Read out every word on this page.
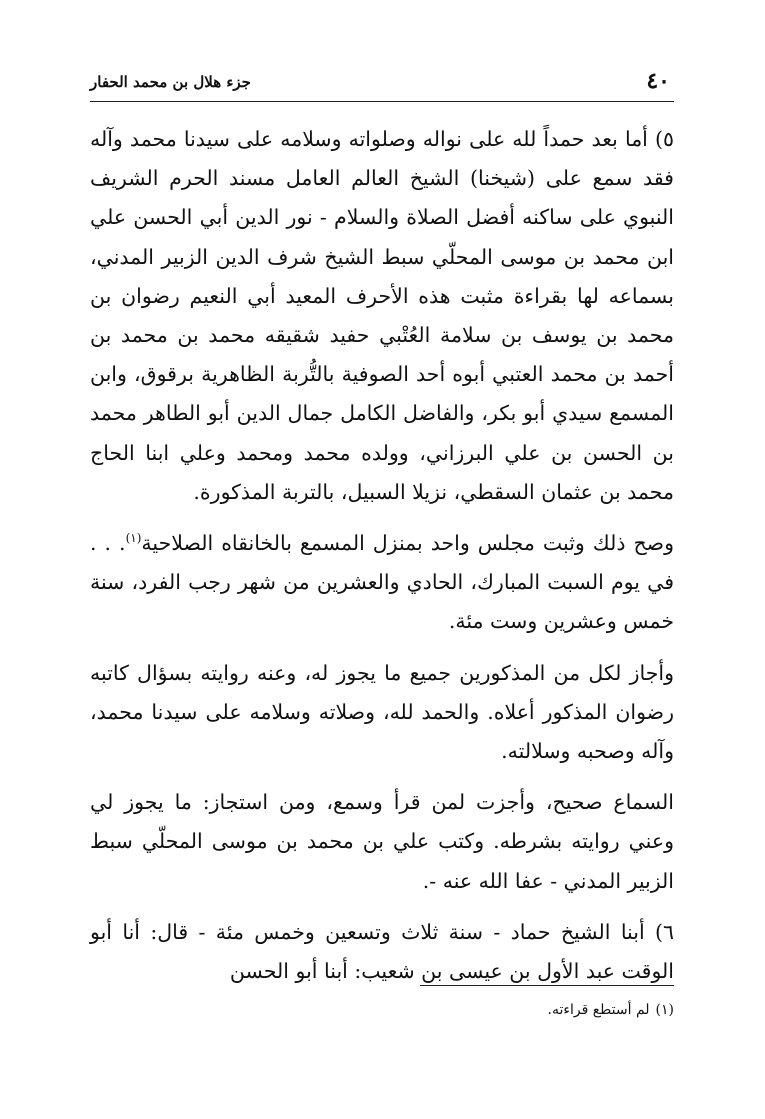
٤٠
جزء هلال بن محمد الحفار

٥) أما بعد حمداً لله على نواله وصلواته وسلامه على سيدنا محمد وآله فقد سمع على (شيخنا) الشيخ العالم العامل مسند الحرم الشريف النبوي على ساكنه أفضل الصلاة والسلام - نور الدين أبي الحسن علي ابن محمد بن موسى المحلّي سبط الشيخ شرف الدين الزبير المدني، بسماعه لها بقراءة مثبت هذه الأحرف المعيد أبي النعيم رضوان بن محمد بن يوسف بن سلامة العُتْبي حفيد شقيقه محمد بن محمد بن أحمد بن محمد العتبي أبوه أحد الصوفية بالتُّربة الظاهرية برقوق، وابن المسمع سيدي أبو بكر، والفاضل الكامل جمال الدين أبو الطاهر محمد بن الحسن بن علي البرزاني، وولده محمد ومحمد وعلي ابنا الحاج محمد بن عثمان السقطي، نزيلا السبيل، بالتربة المذكورة.

وصح ذلك وثبت مجلس واحد بمنزل المسمع بالخانقاه الصلاحية$^{(١)}$. . . في يوم السبت المبارك، الحادي والعشرين من شهر رجب الفرد، سنة خمس وعشرين وست مئة.

وأجاز لكل من المذكورين جميع ما يجوز له، وعنه روايته بسؤال كاتبه رضوان المذكور أعلاه. والحمد لله، وصلاته وسلامه على سيدنا محمد، وآله وصحبه وسلالته.

السماع صحيح، وأجزت لمن قرأ وسمع، ومن استجاز: ما يجوز لي وعني روايته بشرطه. وكتب علي بن محمد بن موسى المحلّي سبط الزبير المدني - عفا الله عنه -.

٦) أبنا الشيخ حماد - سنة ثلاث وتسعين وخمس مئة - قال: أنا أبو الوقت عبد الأول بن عيسى بن شعيب: أبنا أبو الحسن

(١)لم أستطع قراءته.
